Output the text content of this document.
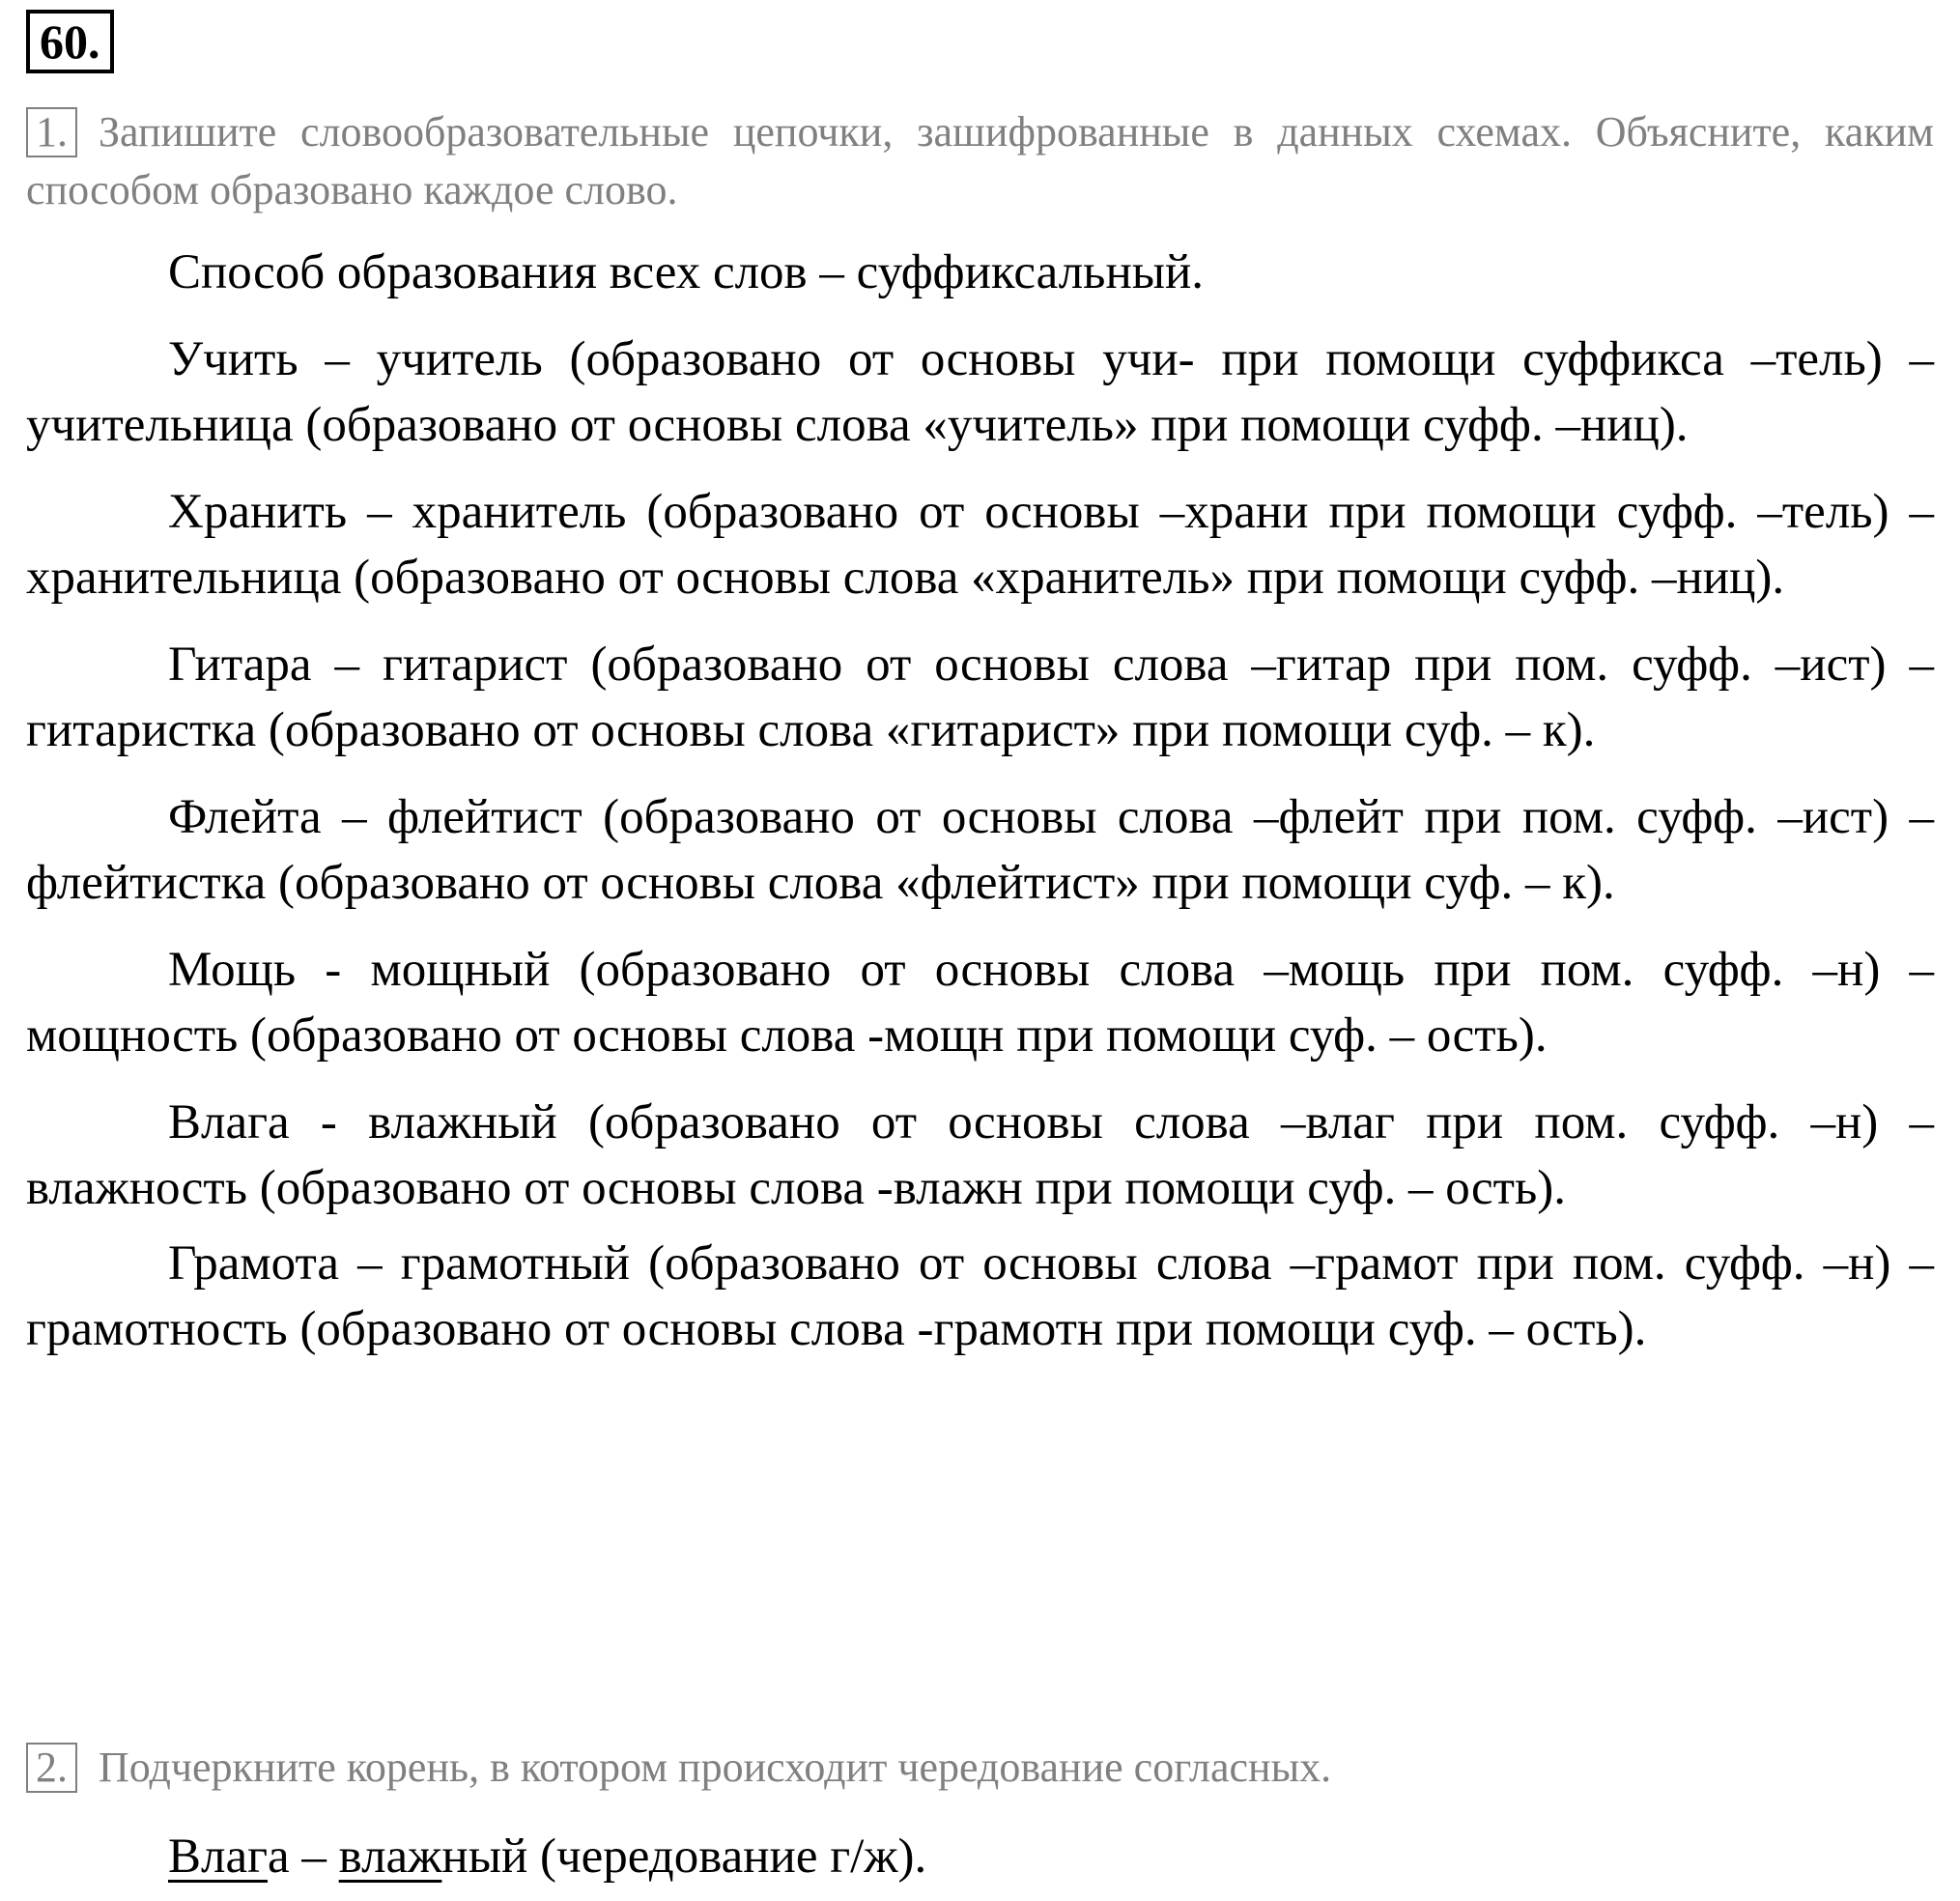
60.
1. Запишите словообразовательные цепочки, зашифрованные в данных схемах. Объясните, каким способом образовано каждое слово.

Способ образования всех слов – суффиксальный.

Учить – учитель (образовано от основы учи- при помощи суффикса –тель) – учительница (образовано от основы слова «учитель» при помощи суфф. –ниц).

Хранить – хранитель (образовано от основы –храни при помощи суфф. –тель) – хранительница (образовано от основы слова «хранитель» при помощи суфф. –ниц).

Гитара – гитарист (образовано от основы слова –гитар при пом. суфф. –ист) – гитаристка (образовано от основы слова «гитарист» при помощи суф. – к).

Флейта – флейтист (образовано от основы слова –флейт при пом. суфф. –ист) – флейтистка (образовано от основы слова «флейтист» при помощи суф. – к).

Мощь - мощный (образовано от основы слова –мощь при пом. суфф. –н) – мощность (образовано от основы слова -мощн при помощи суф. – ость).

Влага - влажный (образовано от основы слова –влаг при пом. суфф. –н) – влажность (образовано от основы слова -влажн при помощи суф. – ость).

Грамота – грамотный (образовано от основы слова –грамот при пом. суфф. –н) – грамотность (образовано от основы слова -грамотн при помощи суф. – ость).

2. Подчеркните корень, в котором происходит чередование согласных.

Влага – влажный (чередование г/ж).
